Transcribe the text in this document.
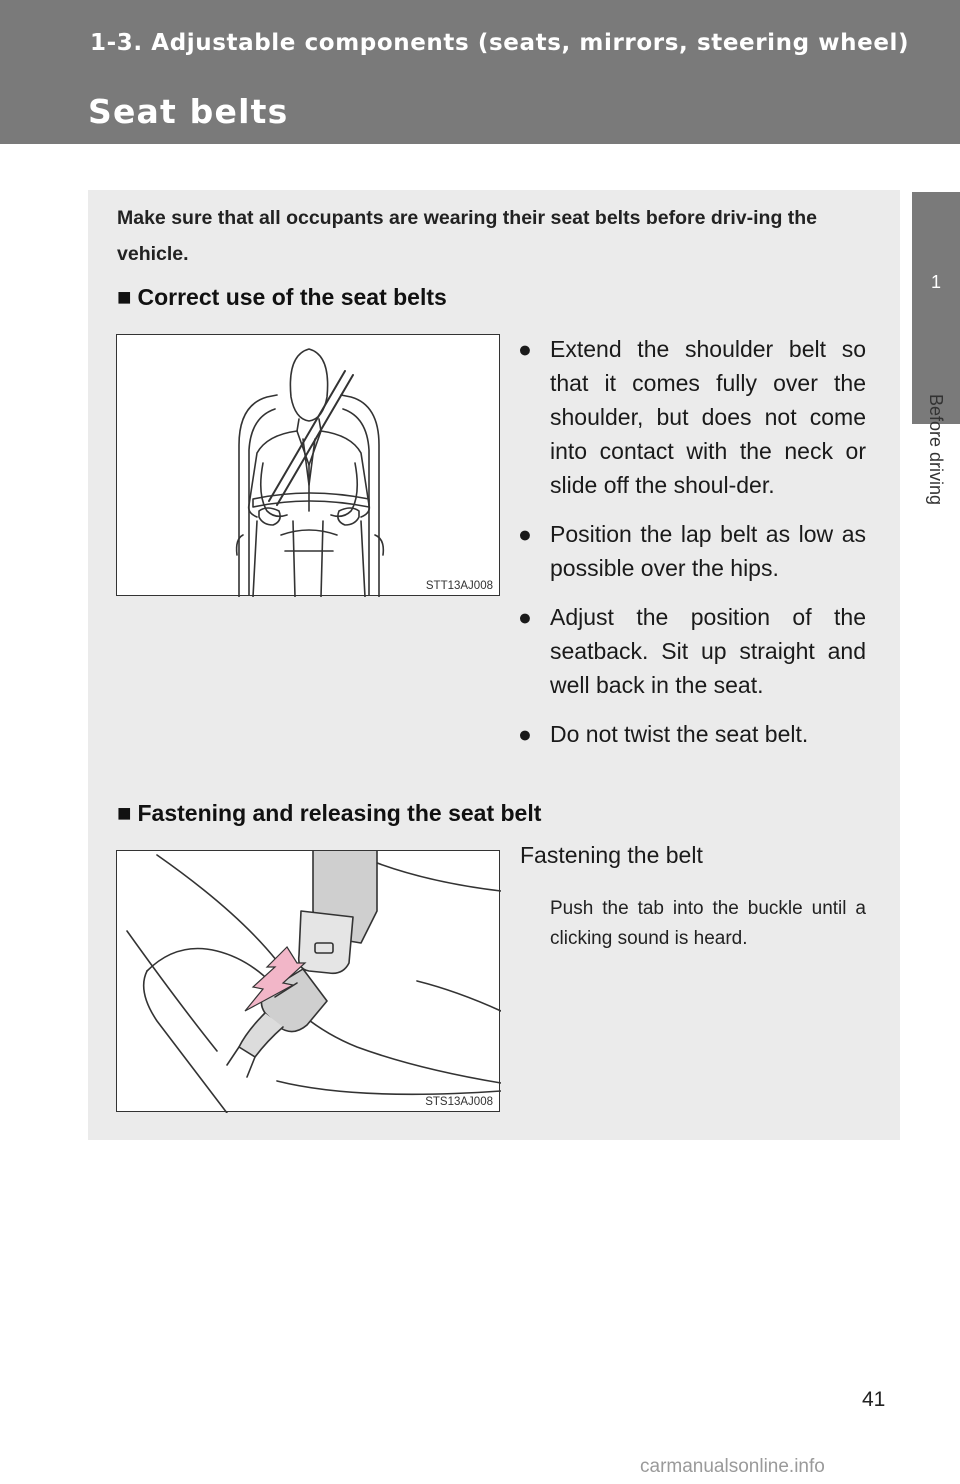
1-3. Adjustable components (seats, mirrors, steering wheel)
Seat belts
1
Before driving
Make sure that all occupants are wearing their seat belts before driv-ing the vehicle.
■ Correct use of the seat belts
STT13AJ008
● Extend the shoulder belt so that it comes fully over the shoulder, but does not come into contact with the neck or slide off the shoul-der.
● Position the lap belt as low as possible over the hips.
● Adjust the position of the seatback. Sit up straight and well back in the seat.
● Do not twist the seat belt.
■ Fastening and releasing the seat belt
STS13AJ008
Fastening the belt
Push the tab into the buckle until a clicking sound is heard.
41
carmanualsonline.info
